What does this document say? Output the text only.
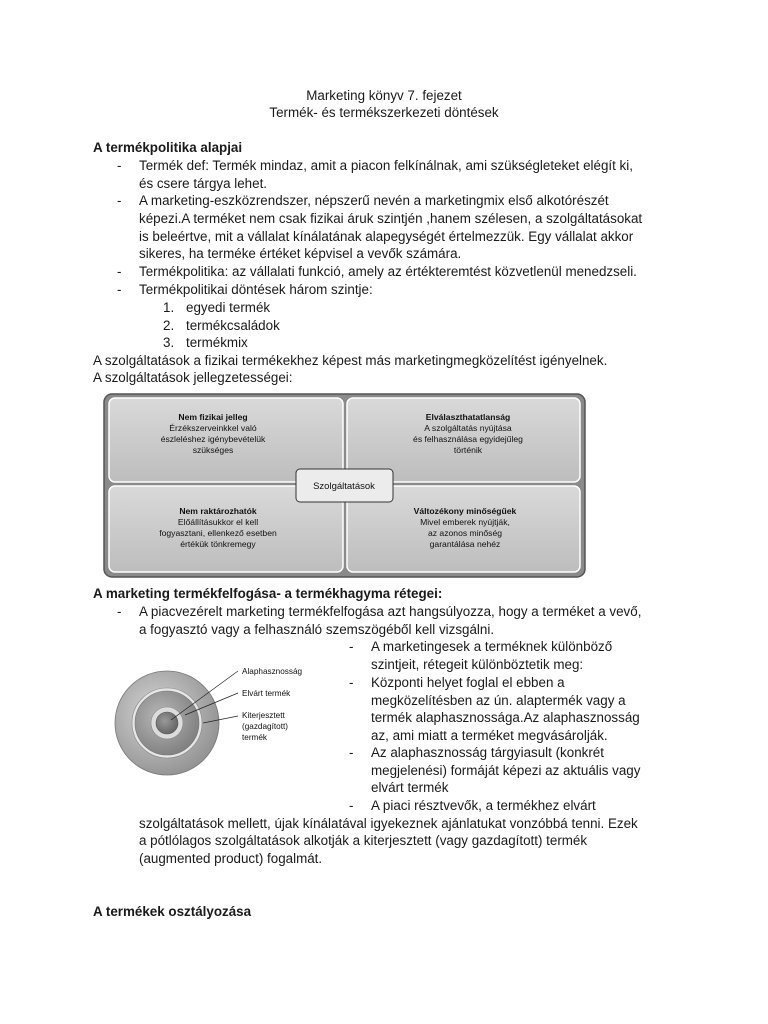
Marketing könyv 7. fejezet
Termék- és termékszerkezeti döntések
A termékpolitika alapjai
- Termék def: Termék mindaz, amit a piacon felkínálnak, ami szükségleteket elégít ki,
és csere tárgya lehet.
- A marketing-eszközrendszer, népszerű nevén a marketingmix első alkotórészét
képezi.A terméket nem csak fizikai áruk szintjén ,hanem szélesen, a szolgáltatásokat
is beleértve, mit a vállalat kínálatának alapegységét értelmezzük. Egy vállalat akkor
sikeres, ha terméke értéket képvisel a vevők számára.
- Termékpolitika: az vállalati funkció, amely az értékteremtést közvetlenül menedzseli.
- Termékpolitikai döntések három szintje:
1. egyedi termék
2. termékcsaládok
3. termékmix
A szolgáltatások a fizikai termékekhez képest más marketingmegközelítést igényelnek.
A szolgáltatások jellegzetességei:
Nem fizikai jelleg
Érzékszerveinkkel való
észleléshez igénybevételük
szükséges
Elválaszthatatlanság
A szolgáltatás nyújtása
és felhasználása egyidejűleg
történik
Nem raktározhatók
Előállításukkor el kell
fogyasztani, ellenkező esetben
értékük tönkremegy
Változékony minőségűek
Mivel emberek nyújtják,
az azonos minőség
garantálása nehéz
Szolgáltatások
A marketing termékfelfogása- a termékhagyma rétegei:
- A piacvezérelt marketing termékfelfogása azt hangsúlyozza, hogy a terméket a vevő,
a fogyasztó vagy a felhasználó szemszögéből kell vizsgálni.
- A marketingesek a terméknek különböző
szintjeit, rétegeit különböztetik meg:
- Központi helyet foglal el ebben a
megközelítésben az ún. alaptermék vagy a
termék alaphasznossága.Az alaphasznosság
az, ami miatt a terméket megvásárolják.
- Az alaphasznosság tárgyiasult (konkrét
megjelenési) formáját képezi az aktuális vagy
elvárt termék
- A piaci résztvevők, a termékhez elvárt
szolgáltatások mellett, újak kínálatával igyekeznek ajánlatukat vonzóbbá tenni. Ezek
a pótlólagos szolgáltatások alkotják a kiterjesztett (vagy gazdagított) termék
(augmented product) fogalmát.
Alaphasznosság
Elvárt termék
Kiterjesztett
(gazdagított)
termék
A termékek osztályozása
